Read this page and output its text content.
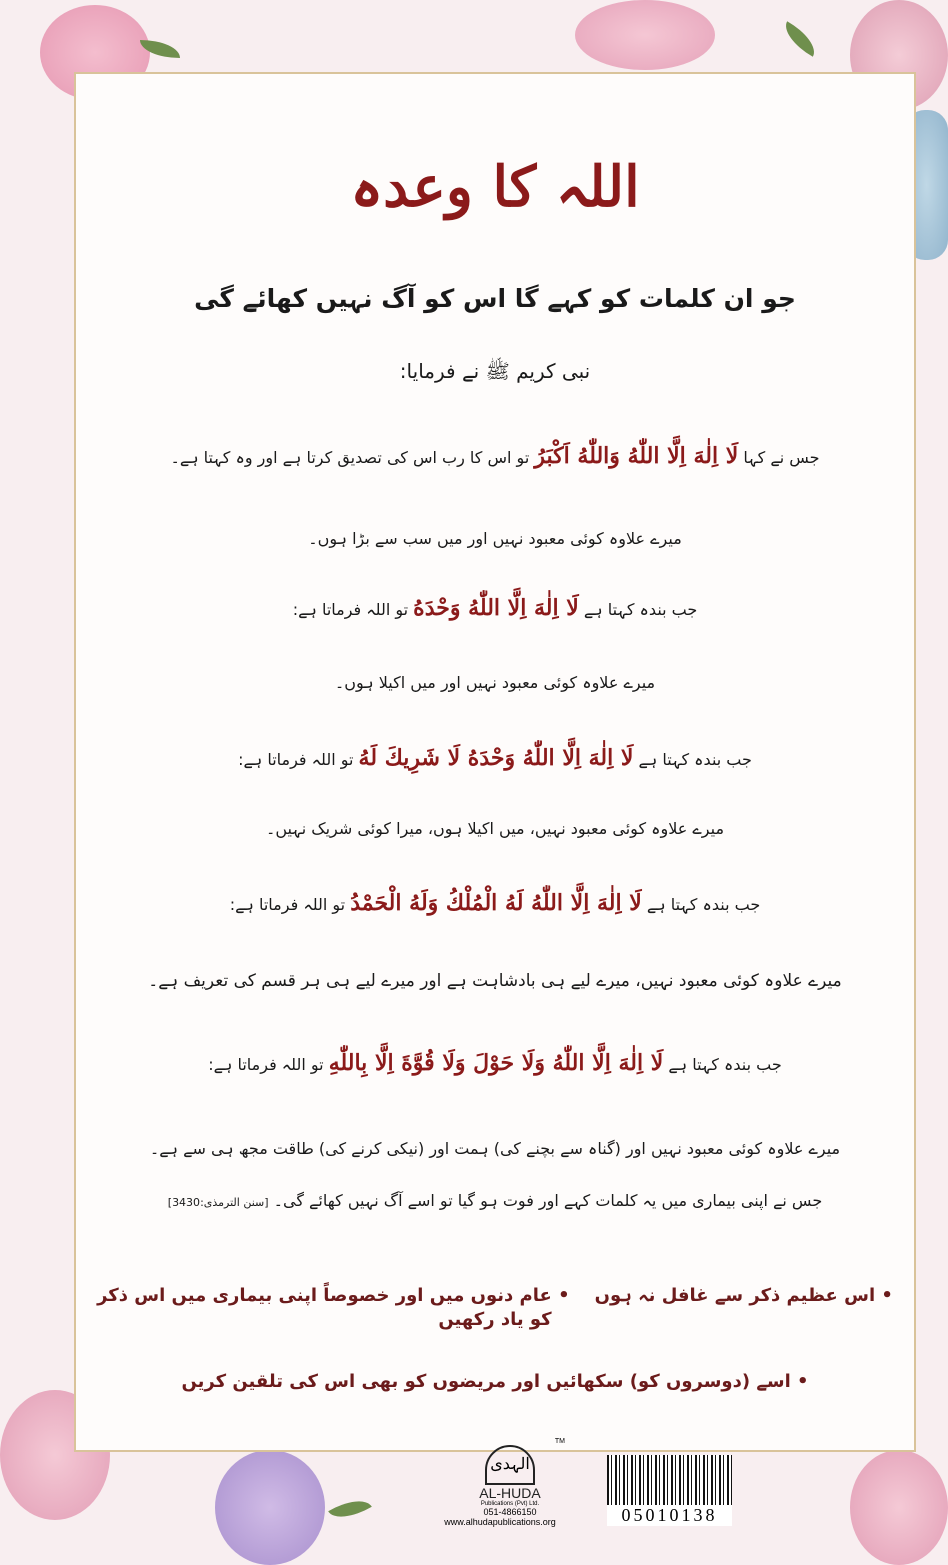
اللہ کا وعدہ
جو ان کلمات کو کہے گا اس کو آگ نہیں کھائے گی
نبی کریم ﷺ نے فرمایا:
جس نے کہا لَا اِلٰهَ اِلَّا اللّٰهُ وَاللّٰهُ اَكْبَرُ تو اس کا رب اس کی تصدیق کرتا ہے اور وہ کہتا ہے۔
میرے علاوہ کوئی معبود نہیں اور میں سب سے بڑا ہوں۔
جب بندہ کہتا ہے لَا اِلٰهَ اِلَّا اللّٰهُ وَحْدَهُ تو اللہ فرماتا ہے:
میرے علاوہ کوئی معبود نہیں اور میں اکیلا ہوں۔
جب بندہ کہتا ہے لَا اِلٰهَ اِلَّا اللّٰهُ وَحْدَهُ لَا شَرِيكَ لَهُ تو اللہ فرماتا ہے:
میرے علاوہ کوئی معبود نہیں، میں اکیلا ہوں، میرا کوئی شریک نہیں۔
جب بندہ کہتا ہے لَا اِلٰهَ اِلَّا اللّٰهُ لَهُ الْمُلْكُ وَلَهُ الْحَمْدُ تو اللہ فرماتا ہے:
میرے علاوہ کوئی معبود نہیں، میرے لیے ہی بادشاہت ہے اور میرے لیے ہی ہر قسم کی تعریف ہے۔
جب بندہ کہتا ہے لَا اِلٰهَ اِلَّا اللّٰهُ وَلَا حَوْلَ وَلَا قُوَّةَ اِلَّا بِاللّٰهِ تو اللہ فرماتا ہے:
میرے علاوہ کوئی معبود نہیں اور (گناہ سے بچنے کی) ہمت اور (نیکی کرنے کی) طاقت مجھ ہی سے ہے۔
جس نے اپنی بیماری میں یہ کلمات کہے اور فوت ہو گیا تو اسے آگ نہیں کھائے گی۔ [سنن الترمذی:3430]
• اس عظیم ذکر سے غافل نہ ہوں    • عام دنوں میں اور خصوصاً اپنی بیماری میں اس ذکر کو یاد رکھیں
• اسے (دوسروں کو) سکھائیں اور مریضوں کو بھی اس کی تلقین کریں
TM
الہدی
AL-HUDA
Publications (Pvt) Ltd.
051-4866150
www.alhudapublications.org	05010138
